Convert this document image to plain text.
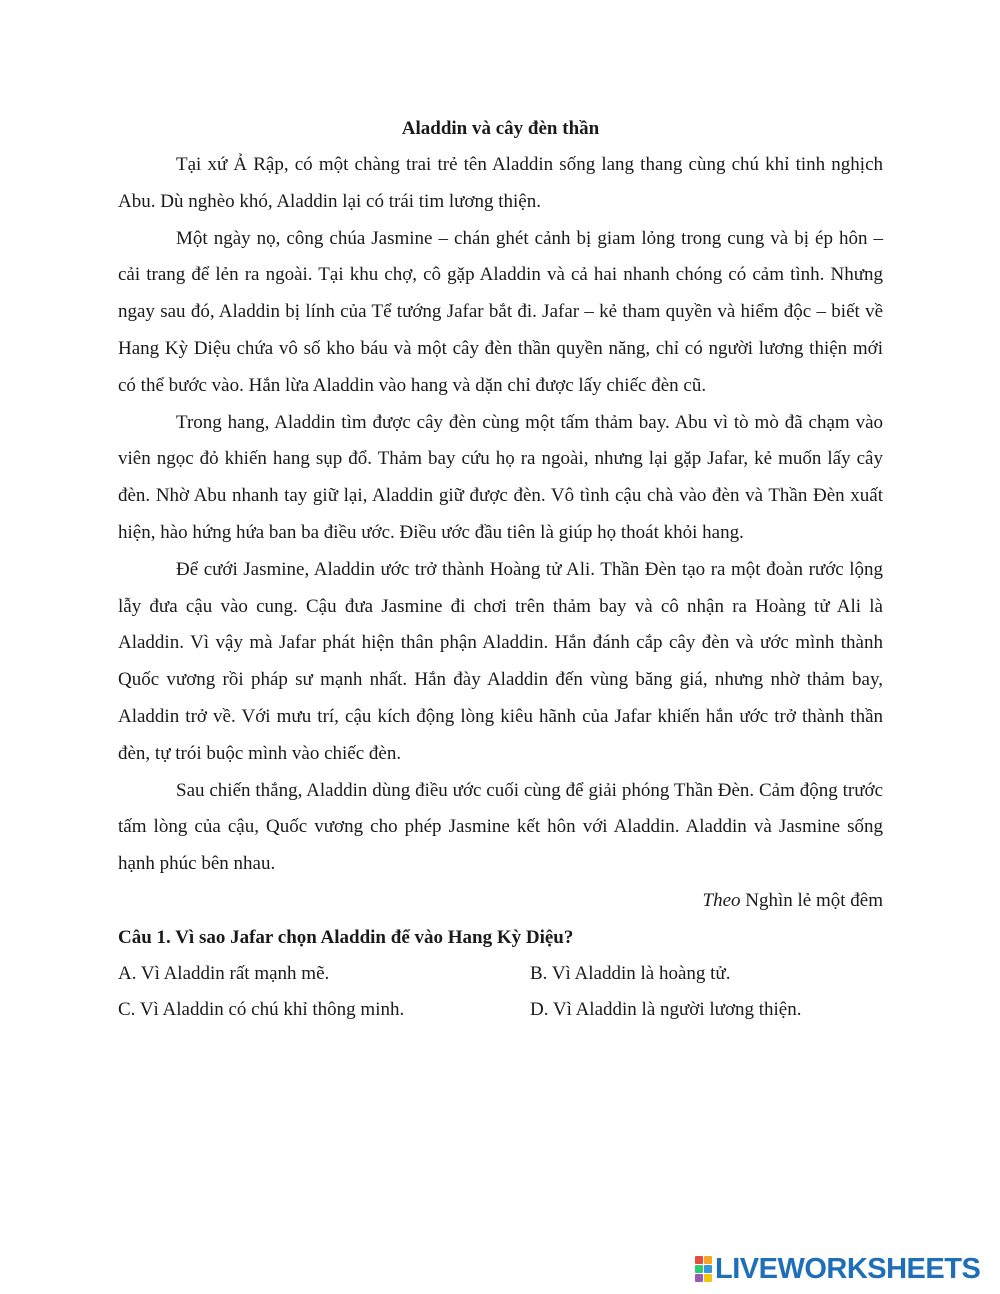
Aladdin và cây đèn thần

Tại xứ Ả Rập, có một chàng trai trẻ tên Aladdin sống lang thang cùng chú khỉ tinh nghịch Abu. Dù nghèo khó, Aladdin lại có trái tim lương thiện.

Một ngày nọ, công chúa Jasmine – chán ghét cảnh bị giam lỏng trong cung và bị ép hôn – cải trang để lẻn ra ngoài. Tại khu chợ, cô gặp Aladdin và cả hai nhanh chóng có cảm tình. Nhưng ngay sau đó, Aladdin bị lính của Tể tướng Jafar bắt đi. Jafar – kẻ tham quyền và hiểm độc – biết về Hang Kỳ Diệu chứa vô số kho báu và một cây đèn thần quyền năng, chỉ có người lương thiện mới có thể bước vào. Hắn lừa Aladdin vào hang và dặn chỉ được lấy chiếc đèn cũ.

Trong hang, Aladdin tìm được cây đèn cùng một tấm thảm bay. Abu vì tò mò đã chạm vào viên ngọc đỏ khiến hang sụp đổ. Thảm bay cứu họ ra ngoài, nhưng lại gặp Jafar, kẻ muốn lấy cây đèn. Nhờ Abu nhanh tay giữ lại, Aladdin giữ được đèn. Vô tình cậu chà vào đèn và Thần Đèn xuất hiện, hào hứng hứa ban ba điều ước. Điều ước đầu tiên là giúp họ thoát khỏi hang.

Để cưới Jasmine, Aladdin ước trở thành Hoàng tử Ali. Thần Đèn tạo ra một đoàn rước lộng lẫy đưa cậu vào cung. Cậu đưa Jasmine đi chơi trên thảm bay và cô nhận ra Hoàng tử Ali là Aladdin. Vì vậy mà Jafar phát hiện thân phận Aladdin. Hắn đánh cắp cây đèn và ước mình thành Quốc vương rồi pháp sư mạnh nhất. Hắn đày Aladdin đến vùng băng giá, nhưng nhờ thảm bay, Aladdin trở về. Với mưu trí, cậu kích động lòng kiêu hãnh của Jafar khiến hắn ước trở thành thần đèn, tự trói buộc mình vào chiếc đèn.

Sau chiến thắng, Aladdin dùng điều ước cuối cùng để giải phóng Thần Đèn. Cảm động trước tấm lòng của cậu, Quốc vương cho phép Jasmine kết hôn với Aladdin. Aladdin và Jasmine sống hạnh phúc bên nhau.

Theo Nghìn lẻ một đêm

Câu 1. Vì sao Jafar chọn Aladdin để vào Hang Kỳ Diệu?

A. Vì Aladdin rất mạnh mẽ.	B. Vì Aladdin là hoàng tử.
C. Vì Aladdin có chú khỉ thông minh.	D. Vì Aladdin là người lương thiện.
LIVEWORKSHEETS
